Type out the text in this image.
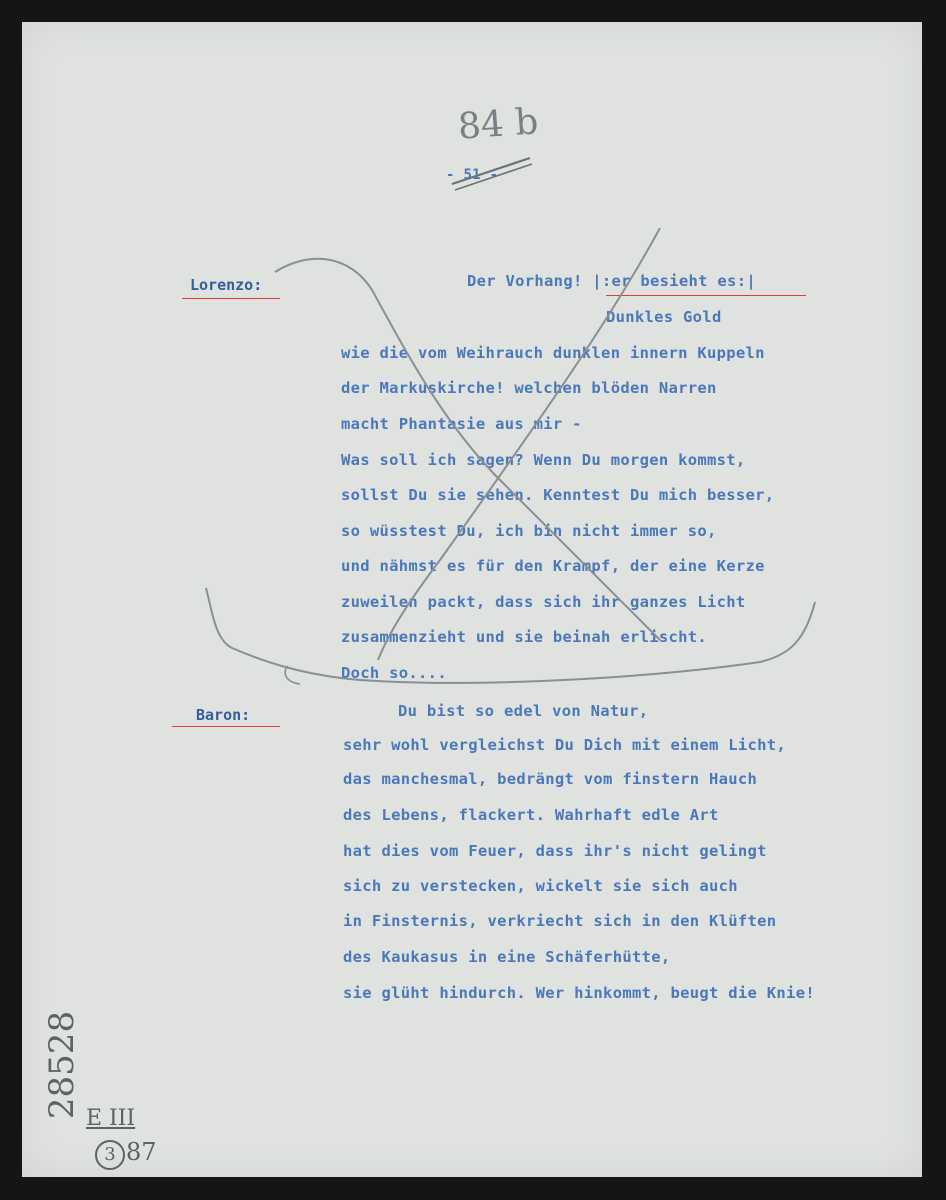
84 b
- 51 -
Lorenzo:
Baron:
Der Vorhang! |:er besieht es:|
Dunkles Gold
wie die vom Weihrauch dunklen innern Kuppeln
der Markuskirche! welchen blöden Narren
macht Phantasie aus mir -
Was soll ich sagen? Wenn Du morgen kommst,
sollst Du sie sehen. Kenntest Du mich besser,
so wüsstest Du, ich bin nicht immer so,
und nähmst es für den Krampf, der eine Kerze
zuweilen packt, dass sich ihr ganzes Licht
zusammenzieht und sie beinah erlischt.
Doch so....
Du bist so edel von Natur,
sehr wohl vergleichst Du Dich mit einem Licht,
das manchesmal, bedrängt vom finstern Hauch
des Lebens, flackert. Wahrhaft edle Art
hat dies vom Feuer, dass ihr's nicht gelingt
sich zu verstecken, wickelt sie sich auch
in Finsternis, verkriecht sich in den Klüften
des Kaukasus in eine Schäferhütte,
sie glüht hindurch. Wer hinkommt, beugt die Knie!
28528 E III
3 87
